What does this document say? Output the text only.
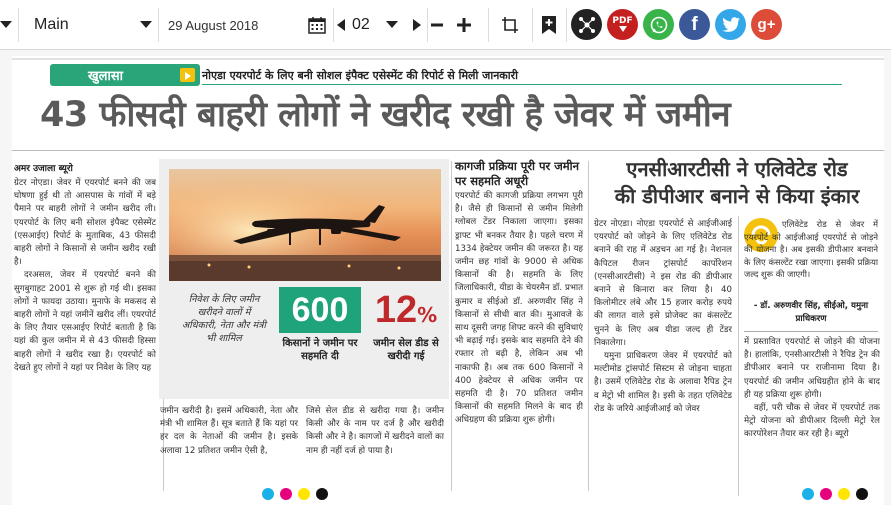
Main	29 August 2018	02	PDF	f	g+
खुलासा	नोएडा एयरपोर्ट के लिए बनी सोशल इंपैक्ट एसेस्मेंट की रिपोर्ट से मिली जानकारी
43 फीसदी बाहरी लोगों ने खरीद रखी है जेवर में जमीन
अमर उजाला ब्यूरो

ग्रेटर नोएडा। जेवर में एयरपोर्ट बनने की जब घोषणा हुई थी तो आसपास के गांवों में बड़े पैमाने पर बाहरी लोगों ने जमीन खरीद ली। एयरपोर्ट के लिए बनी सोशल इंपैक्ट एसेस्मेंट (एसआईए) रिपोर्ट के मुताबिक, 43 फीसदी बाहरी लोगों ने किसानों से जमीन खरीद रखी है।

दरअसल, जेवर में एयरपोर्ट बनने की सुगबुगाहट 2001 से शुरू हो गई थी। इसका लोगों ने फायदा उठाया। मुनाफे के मकसद से बाहरी लोगों ने यहां जमीनें खरीद लीं। एयरपोर्ट के लिए तैयार एसआईए रिपोर्ट बताती है कि यहां की कुल जमीन में से 43 फीसदी हिस्सा बाहरी लोगों ने खरीद रखा है। एयरपोर्ट को देखते हुए लोगों ने यहां पर निवेश के लिए यह

निवेश के लिए जमीन खरीदने वालों में अधिकारी, नेता और मंत्री भी शामिल
600
किसानों ने जमीन पर सहमति दी
12%
जमीन सेल डीड से खरीदी गई
जमीन खरीदी है। इसमें अधिकारी, नेता और मंत्री भी शामिल हैं। सूत्र बताते हैं कि यहां पर हर दल के नेताओं की जमीन है। इसके अलावा 12 प्रतिशत जमीन ऐसी है,
जिसे सेल डीड से खरीदा गया है। जमीन किसी और के नाम पर दर्ज है और खरीदी किसी और ने है। कागजों में खरीदने वालों का नाम ही नहीं दर्ज हो पाया है।
कागजी प्रक्रिया पूरी पर जमीन पर सहमति अधूरी
एयरपोर्ट की कागजी प्रक्रिया लगभग पूरी है। जैसे ही किसानों से जमीन मिलेगी ग्लोबल टेंडर निकाला जाएगा। इसका ड्राफ्ट भी बनकर तैयार है। पहले चरण में 1334 हेक्टेयर जमीन की जरूरत है। यह जमीन छह गांवों के 9000 से अधिक किसानों की है। सहमति के लिए जिलाधिकारी, यीडा के चेयरमैन डॉ. प्रभात कुमार व सीईओ डॉ. अरुणवीर सिंह ने किसानों से सीधी बात की। मुआवजे के साथ दूसरी जगह शिफ्ट करने की सुविधाएं भी बढ़ाई गई। इसके बाद सहमति देने की रफ्तार तो बढ़ी है, लेकिन अब भी नाकाफी है। अब तक 600 किसानों ने 400 हेक्टेयर से अधिक जमीन पर सहमति दी है। 70 प्रतिशत जमीन किसानों की सहमति मिलने के बाद ही अधिग्रहण की प्रक्रिया शुरू होगी।
एनसीआरटीसी ने एलिवेटेड रोड
की डीपीआर बनाने से किया इंकार

ग्रेटर नोएडा। नोएडा एयरपोर्ट से आईजीआई एयरपोर्ट को जोड़ने के लिए एलिवेटेड रोड बनाने की राह में अड़चन आ गई है। नेशनल कैपिटल रीजन ट्रांसपोर्ट कार्पोरेशन (एनसीआरटीसी) ने इस रोड की डीपीआर बनाने से किनारा कर लिया है। 40 किलोमीटर लंबे और 15 हजार करोड़ रुपये की लागत वाले इसे प्रोजेक्ट का कंसल्टेंट चुनने के लिए अब यीडा जल्द ही टेंडर निकालेगा।

यमुना प्राधिकरण जेवर में एयरपोर्ट को मल्टीमोड ट्रांसपोर्ट सिस्टम से जोड़ना चाहता है। उसमें एलिवेटेड रोड के अलावा रैपिड ट्रेन व मेट्रो भी शामिल है। इसी के तहत एलिवेटेड रोड के जरिये आईजीआई को जेवर

एलिवेटेड रोड से जेवर में एयरपोर्ट को आईजीआई एयरपोर्ट से जोड़ने की योजना है। अब इसकी डीपीआर बनवाने के लिए कंसल्टेंट रखा जाएगा। इसकी प्रक्रिया जल्द शुरू की जाएगी।
- डॉ. अरुणवीर सिंह, सीईओ, यमुना प्राधिकरण

में प्रस्तावित एयरपोर्ट से जोड़ने की योजना है। हालांकि, एनसीआरटीसी ने रैपिड ट्रेन की डीपीआर बनाने पर राजीनामा दिया है। एयरपोर्ट की जमीन अधिग्रहीत होने के बाद ही यह प्रक्रिया शुरू होगी।

वहीं, परी चौक से जेवर में एयरपोर्ट तक मेट्रो योजना को डीपीआर दिल्ली मेट्रो रेल कारपोरेशन तैयार कर रही है। ब्यूरो
